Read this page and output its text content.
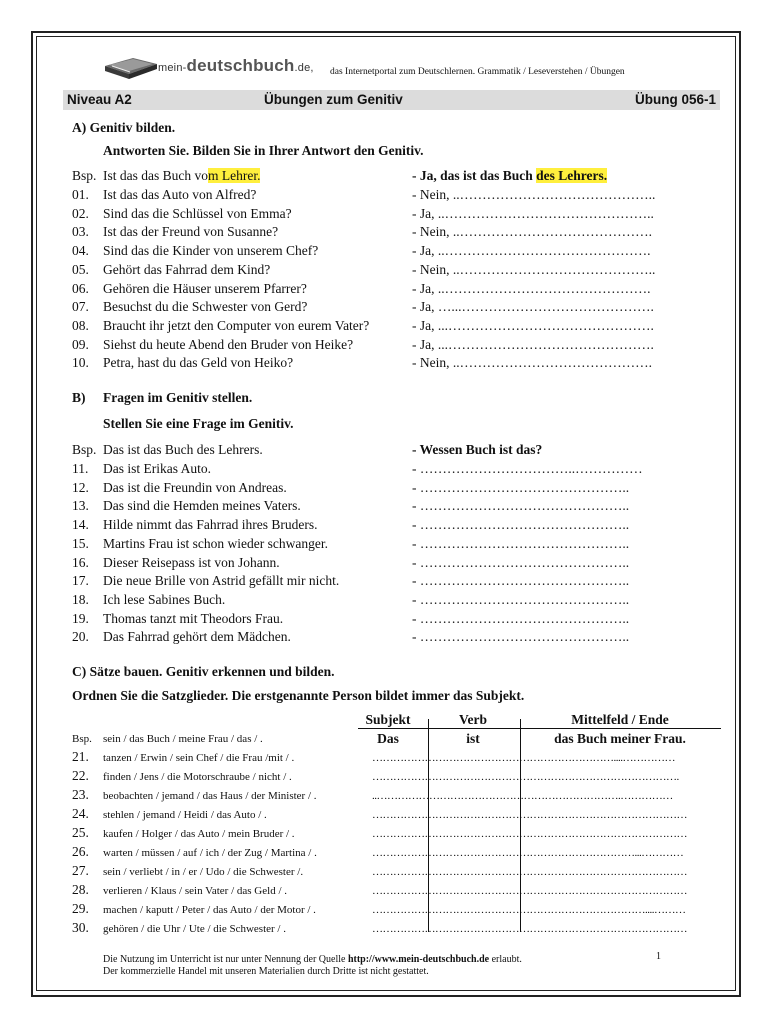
mein-deutschbuch.de, das Internetportal zum Deutschlernen. Grammatik / Leseverstehen / Übungen
Niveau A2	Übungen zum Genitiv	Übung 056-1
A) Genitiv bilden.
Antworten Sie. Bilden Sie in Ihrer Antwort den Genitiv.
Bsp. Ist das das Buch vom Lehrer.	- Ja, das ist das Buch des Lehrers.
01. Ist das das Auto von Alfred?	- Nein, ..……………………………………..
02. Sind das die Schlüssel von Emma?	- Ja, ..………………………………………..
03. Ist das der Freund von Susanne?	- Nein, ..…………………………………….
04. Sind das die Kinder von unserem Chef?	- Ja, ..……………………………………….
05. Gehört das Fahrrad dem Kind?	- Nein, ..……………………………………..
06. Gehören die Häuser unserem Pfarrer?	- Ja, ..……………………………………….
07. Besuchst du die Schwester von Gerd?	- Ja, …...…………………………………….
08. Braucht ihr jetzt den Computer von eurem Vater?	- Ja, ...……………………………………….
09. Siehst du heute Abend den Bruder von Heike?	- Ja, ...……………………………………….
10. Petra, hast du das Geld von Heiko?	- Nein, ..…………………………………….
B) Fragen im Genitiv stellen.
Stellen Sie eine Frage im Genitiv.
Bsp. Das ist das Buch des Lehrers.	- Wessen Buch ist das?
11. Das ist Erikas Auto.	- ……………………………..……………
12. Das ist die Freundin von Andreas.	- ………………………………………..
13. Das sind die Hemden meines Vaters.	- ………………………………………..
14. Hilde nimmt das Fahrrad ihres Bruders.	- ………………………………………..
15. Martins Frau ist schon wieder schwanger.	- ………………………………………..
16. Dieser Reisepass ist von Johann.	- ………………………………………..
17. Die neue Brille von Astrid gefällt mir nicht.	- ………………………………………..
18. Ich lese Sabines Buch.	- ………………………………………..
19. Thomas tanzt mit Theodors Frau.	- ………………………………………..
20. Das Fahrrad gehört dem Mädchen.	- ………………………………………..
C) Sätze bauen. Genitiv erkennen und bilden.
Ordnen Sie die Satzglieder. Die erstgenannte Person bildet immer das Subjekt.
Subjekt	Verb	Mittelfeld / Ende
Bsp. sein / das Buch / meine Frau / das / .	Das	ist	das Buch meiner Frau.
21. tanzen / Erwin / sein Chef / die Frau /mit / .	……………………………………………………………....……………
22. finden / Jens / die Motorschraube / nicht / .	…………………………………………………………………………….
23. beobachten / jemand / das Haus / der Minister / .	..…………………………………………………………….……………
24. stehlen / jemand / Heidi / das Auto / .	………………………………………………………………………………
25. kaufen / Holger / das Auto / mein Bruder / .	………………………………………………………………………………
26. warten / müssen / auf / ich / der Zug / Martina / .	…………………………………………………………………...…………
27. sein / verliebt / in / er / Udo / die Schwester /.	………………………………………………………………………………
28. verlieren / Klaus / sein Vater / das Geld / .	………………………………………………………………………………
29. machen / kaputt / Peter / das Auto / der Motor / .	……………………………………………………………………....………
30. gehören / die Uhr / Ute / die Schwester / .	………………………………………………………………………………
Die Nutzung im Unterricht ist nur unter Nennung der Quelle http://www.mein-deutschbuch.de erlaubt.
Der kommerzielle Handel mit unseren Materialien durch Dritte ist nicht gestattet.
1
